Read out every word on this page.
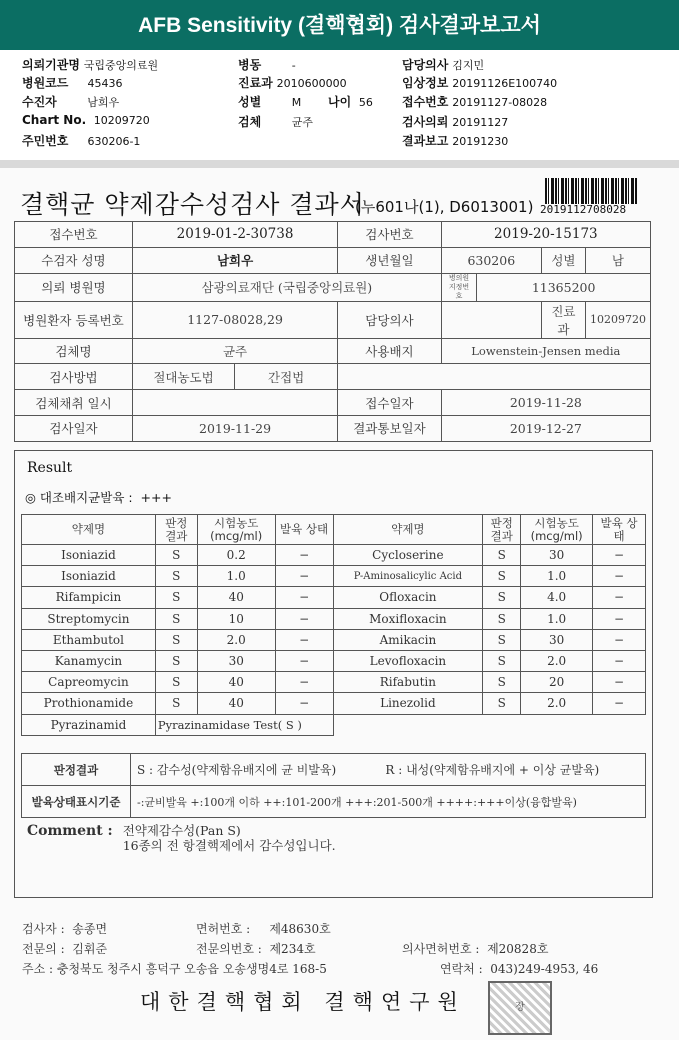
AFB Sensitivity (결핵협회) 검사결과보고서
의뢰기관명 국립중앙의료원
병원코드 45436
수진자	남희우
Chart No. 10209720
주민번호 630206-1
병동	-
진료과 2010600000
성별	M 나이 56
검체	균주
담당의사 김지민
임상정보 20191126E100740
접수번호 20191127-08028
검사의뢰 20191127
결과보고 20191230
결핵균 약제감수성검사 결과서
(누601나(1), D6013001) 2019112708028
접수번호	2019-01-2-30738		검사번호	2019-20-15173			
수검자 성명	남희우		생년월일	630206		성별	남
의뢰 병원명	삼광의료재단 (국립중앙의료원)			병의원 지정번호	11365200		
병원환자 등록번호	1127-08028,29		담당의사			진료과	10209720
검체명	균주		사용배지	Lowenstein-Jensen media			
검사방법	절대농도법	간접법					
검체채취 일시			접수일자	2019-11-28			
검사일자	2019-11-29		결과통보일자	2019-12-27			
Result
◎ 대조배지균발육 : +++
약제명	판정 결과	시험농도 (mcg/ml)	발육 상태	약제명	판정 결과	시험농도 (mcg/ml)	발육 상태
Isoniazid	S	0.2	−	Cycloserine	S	30	−
Isoniazid	S	1.0	−	P-Aminosalicylic Acid	S	1.0	−
Rifampicin	S	40	−	Ofloxacin	S	4.0	−
Streptomycin	S	10	−	Moxifloxacin	S	1.0	−
Ethambutol	S	2.0	−	Amikacin	S	30	−
Kanamycin	S	30	−	Levofloxacin	S	2.0	−
Capreomycin	S	40	−	Rifabutin	S	20	−
Prothionamide	S	40	−	Linezolid	S	2.0	−
Pyrazinamid	Pyrazinamidase Test( S )						
판정결과	S : 감수성(약제함유배지에 균 비발육)	R : 내성(약제함유배지에 + 이상 균발육)
발육상태표시기준	-:균비발육 +:100개 이하 ++:101-200개 +++:201-500개 ++++:+++이상(융합발육)	
Comment : 전약제감수성(Pan S)
16종의 전 항결핵제에서 감수성입니다.
검사자 : 송종면	면허번호 : 제48630호
전문의 : 김휘준	전문의번호 : 제234호	의사면허번호 : 제20828호
주소 : 충청북도 청주시 흥덕구 오송읍 오송생명4로 168-5	연락처 : 043)249-4953, 46
대한결핵협회 결핵연구원	장
